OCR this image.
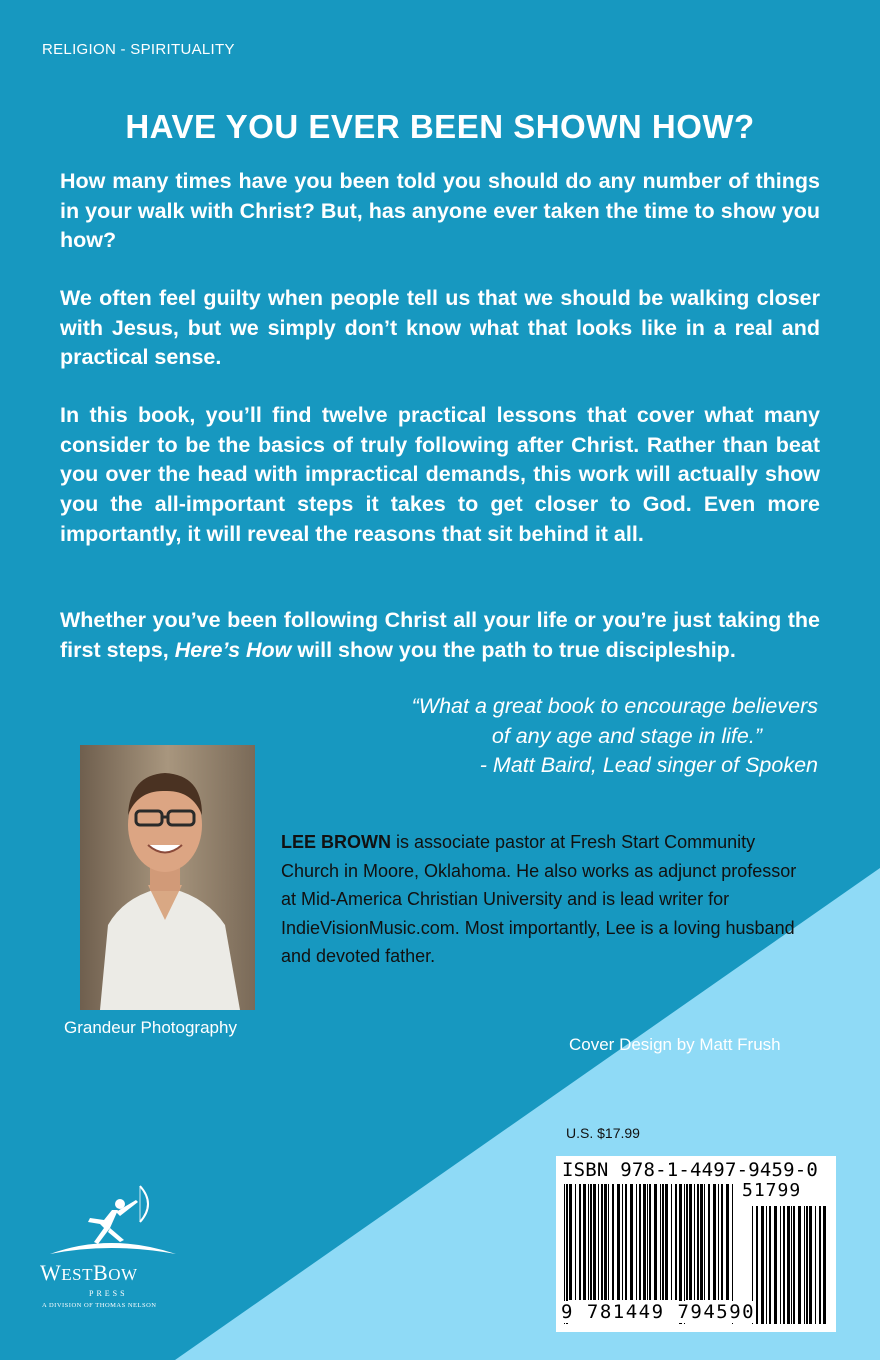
RELIGION - SPIRITUALITY
HAVE YOU EVER BEEN SHOWN HOW?
How many times have you been told you should do any number of things in your walk with Christ? But, has anyone ever taken the time to show you how?
We often feel guilty when people tell us that we should be walking closer with Jesus, but we simply don’t know what that looks like in a real and practical sense.
In this book, you’ll find twelve practical lessons that cover what many consider to be the basics of truly following after Christ. Rather than beat you over the head with impractical demands, this work will actually show you the all-important steps it takes to get closer to God. Even more importantly, it will reveal the reasons that sit behind it all.
Whether you’ve been following Christ all your life or you’re just taking the first steps, Here’s How will show you the path to true discipleship.
“What a great book to encourage believers
of any age and stage in life.”
- Matt Baird, Lead singer of Spoken
Grandeur Photography
LEE BROWN is associate pastor at Fresh Start Community Church in Moore, Oklahoma. He also works as adjunct professor at Mid-America Christian University and is lead writer for IndieVisionMusic.com. Most importantly, Lee is a loving husband and devoted father.
Cover Design by Matt Frush
U.S. $17.99
ISBN 978-1-4497-9459-0
51799
9 781449 794590
WESTBOW
PRESS
A DIVISION OF THOMAS NELSON
